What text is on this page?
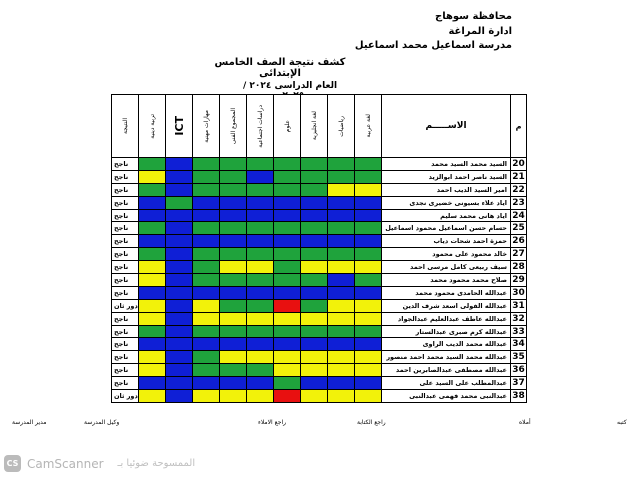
محافظة سوهاج
ادارة المراغة
مدرسة اسماعيل محمد اسماعيل
كشف نتيجة الصف الخامس الإبتدائى
العام الدراسى ٢٠٢٤ /
النتيجة	تربية دينية	ICT	مهارات مهنية	المجموع الفنى	دراسات اجتماعية	علوم	لغة انجليزية	رياضيات	لغة عربية	الاســـــم	م
ناجح										السيد محمد السيد محمد	20
ناجح										السيد ناصر احمد ابوالزيد	21
ناجح										امير السيد الديب احمد	22
ناجح										اياد علاء بسيونى خضيرى نجدى	23
ناجح										اياد هانى محمد سليم	24
ناجح										حسام حسن اسماعيل محمود اسماعيل	25
ناجح										حمزة احمد شحات دياب	26
ناجح										خالد محمود على محمود	27
ناجح										سيف ربيعى كامل مرسى احمد	28
ناجح										صلاح محمد محمود محمد	29
ناجح										عبدالله الحامدى محمود محمد	30
دور ثان										عبدالله الفولى اسعد شرف الدين	31
ناجح										عبدالله عاطف عبدالعليم عبدالجواد	32
ناجح										عبدالله كرم صبرى عبدالستار	33
ناجح										عبدالله محمد الديب الراوى	34
ناجح										عبدالله محمد السيد محمد احمد منصور	35
ناجح										عبدالله مصطفى عبدالصابرين احمد	36
ناجح										عبدالمطلب على السيد على	37
دور ثان										عبدالنبى محمد فهمى عبدالنبى	38
مدير المدرسة	وكيل المدرسة	راجع الاملاء	راجع الكتابة	أملاه	كتبه
CS CamScanner الممسوحة ضوئيا بـ
